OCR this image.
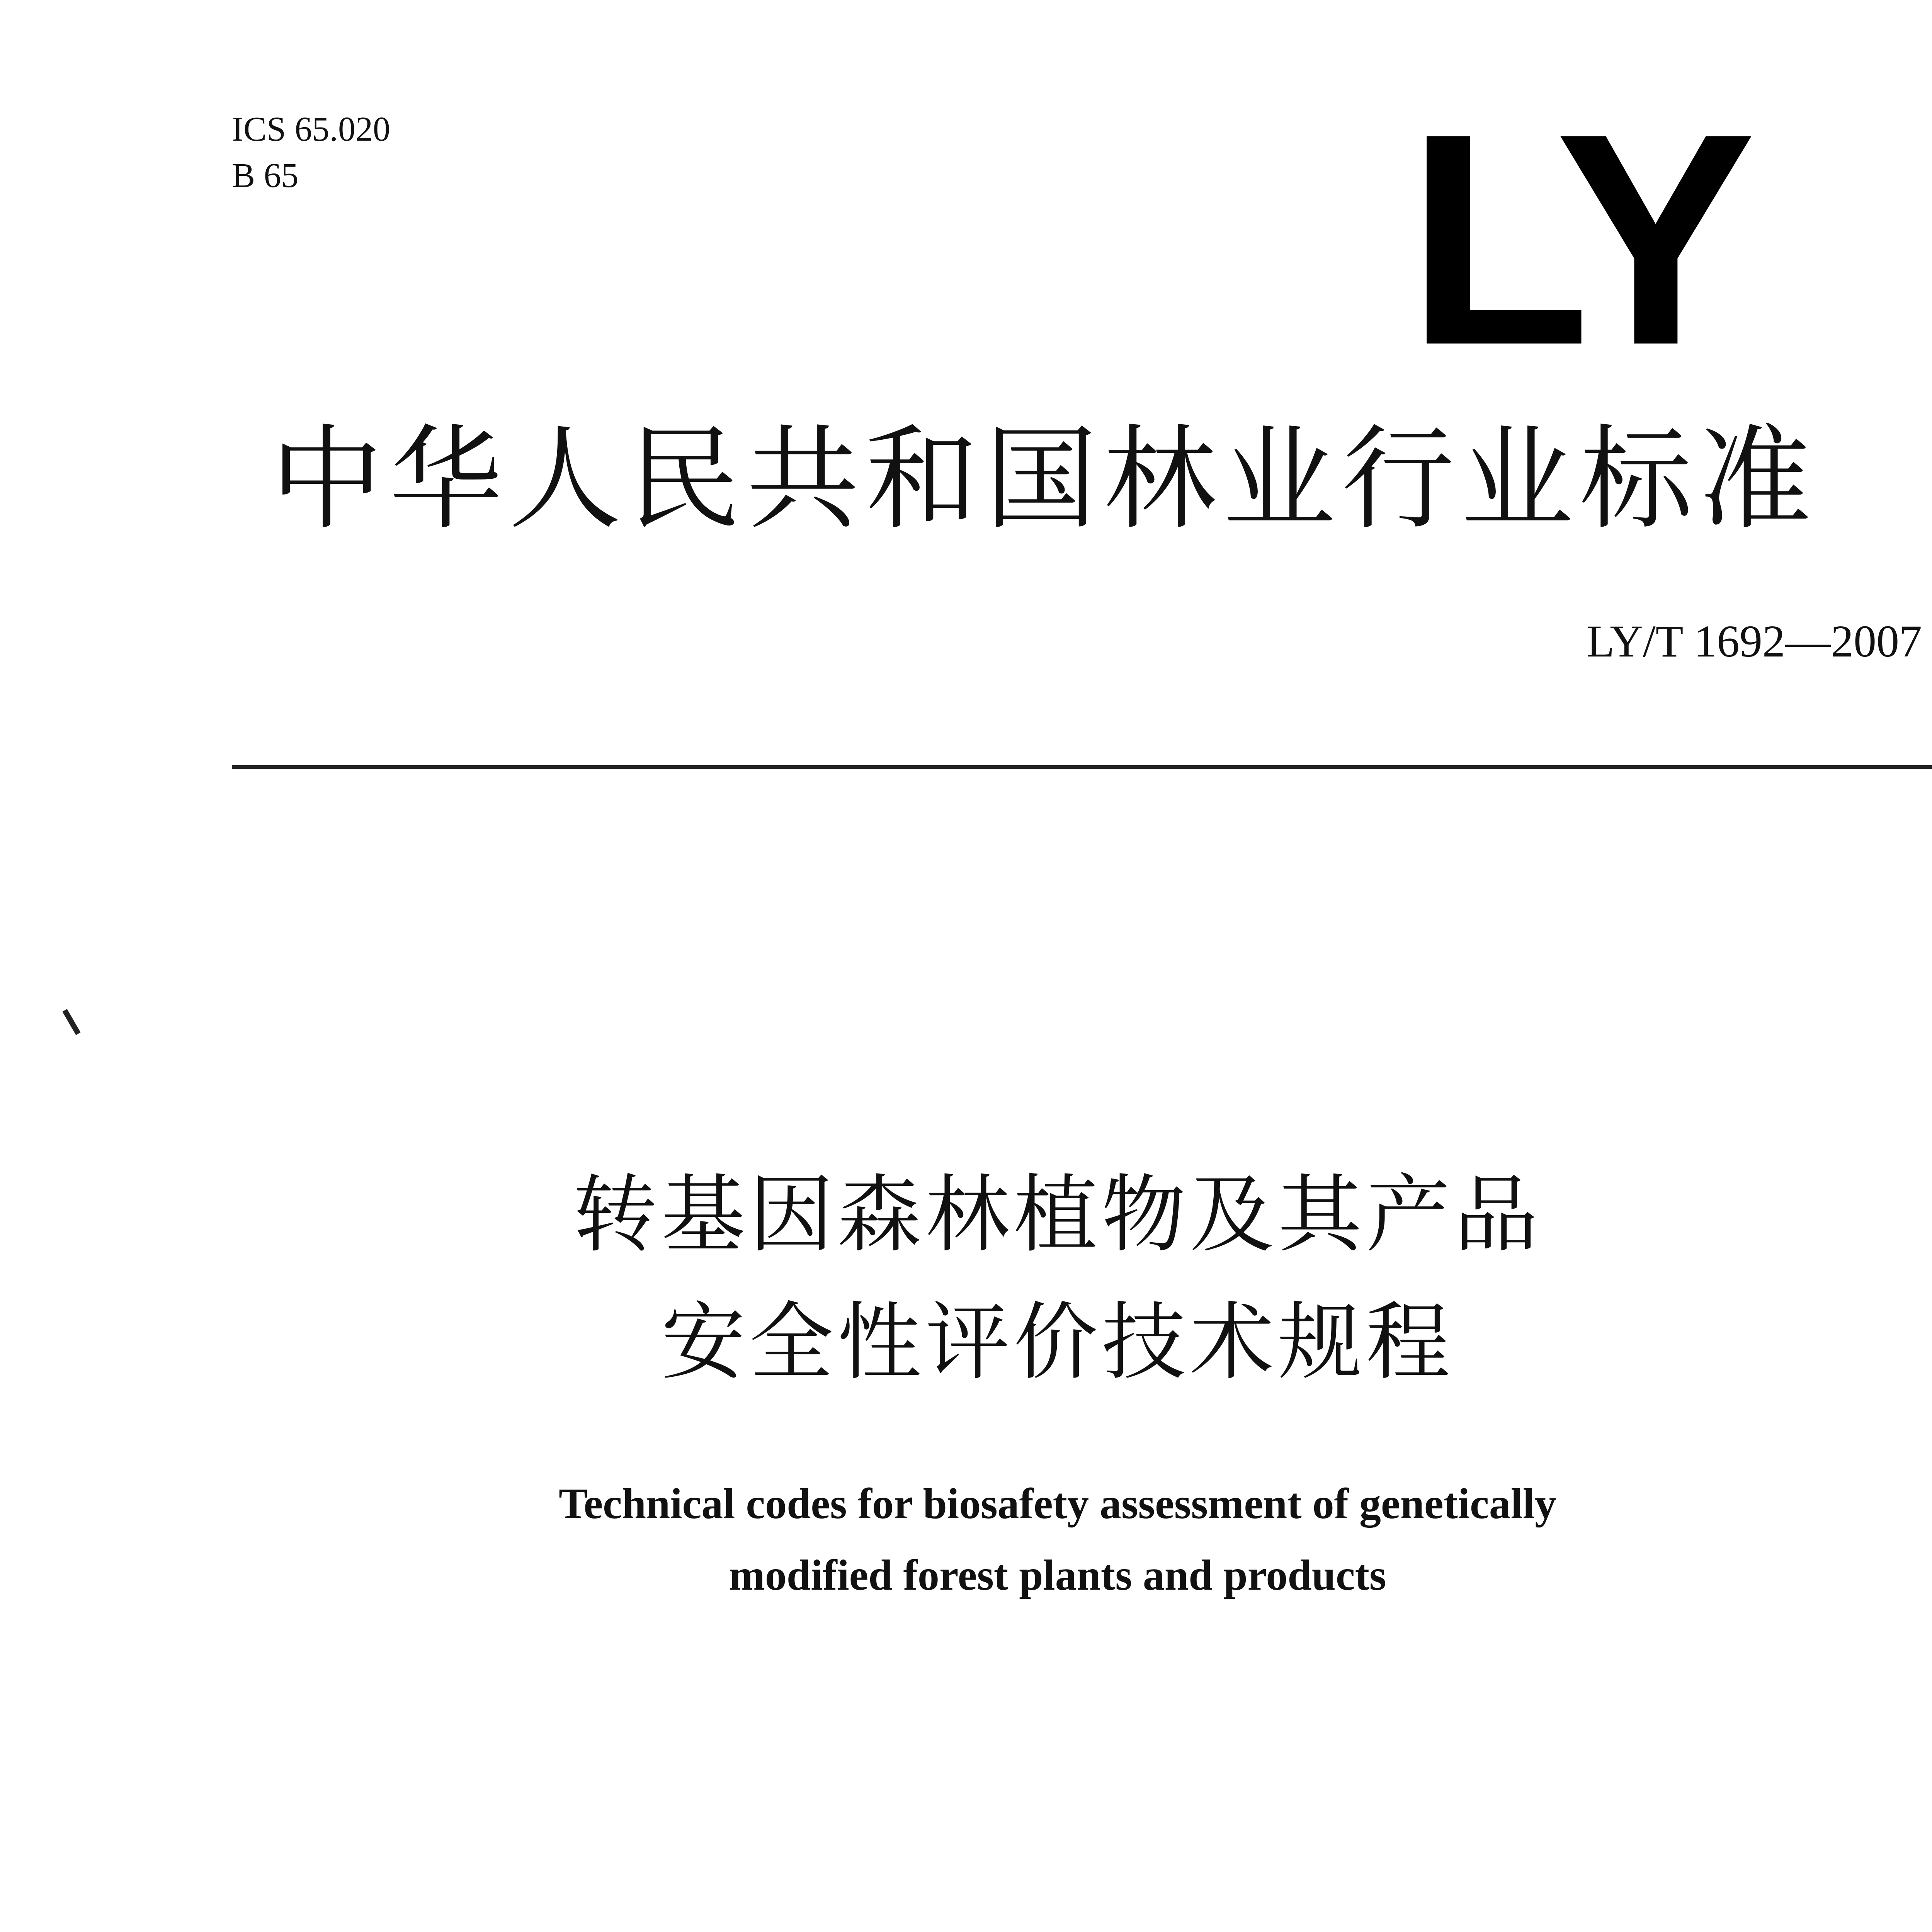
ICS 65.020
B 65	LY
中华人民共和国林业行业标准
LY/T 1692—2007
转基因森林植物及其产品
安全性评价技术规程
Technical codes for biosafety assessment of genetically
modified forest plants and products
